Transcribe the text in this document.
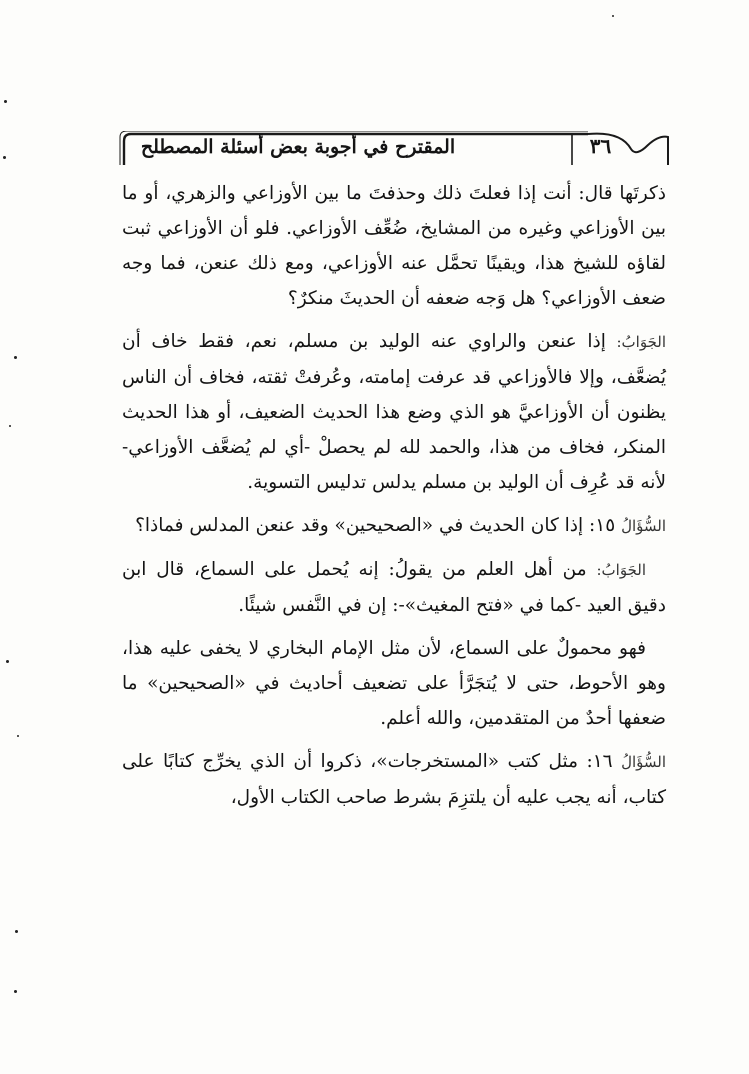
المقترح في أجوبة بعض أسئلة المصطلح	٣٦

ذكرتَها قال: أنت إذا فعلتَ ذلك وحذفتَ ما بين الأوزاعي والزهري، أو ما بين الأوزاعي وغيره من المشايخ، ضُعِّف الأوزاعي. فلو أن الأوزاعي ثبت لقاؤه للشيخ هذا، ويقينًا تحمَّل عنه الأوزاعي، ومع ذلك عنعن، فما وجه ضعف الأوزاعي؟ هل وَجه ضعفه أن الحديثَ منكرٌ؟

الجَوَابُ: إذا عنعن والراوي عنه الوليد بن مسلم، نعم، فقط خاف أن يُضعَّف، وإلا فالأوزاعي قد عرفت إمامته، وعُرفتْ ثقته، فخاف أن الناس يظنون أن الأوزاعيَّ هو الذي وضع هذا الحديث الضعيف، أو هذا الحديث المنكر، فخاف من هذا، والحمد لله لم يحصلْ -أي لم يُضعَّف الأوزاعي- لأنه قد عُرِف أن الوليد بن مسلم يدلس تدليس التسوية.

السُّؤَالُ ١٥: إذا كان الحديث في «الصحيحين» وقد عنعن المدلس فماذا؟

الجَوَابُ: من أهل العلم من يقولُ: إنه يُحمل على السماع، قال ابن دقيق العيد -كما في «فتح المغيث»-: إن في النَّفس شيئًا.

فهو محمولٌ على السماع، لأن مثل الإمام البخاري لا يخفى عليه هذا، وهو الأحوط، حتى لا يُتجَرَّأ على تضعيف أحاديث في «الصحيحين» ما ضعفها أحدٌ من المتقدمين، والله أعلم.

السُّؤَالُ ١٦: مثل كتب «المستخرجات»، ذكروا أن الذي يخرِّج كتابًا على كتاب، أنه يجب عليه أن يلتزِمَ بشرط صاحب الكتاب الأول،
